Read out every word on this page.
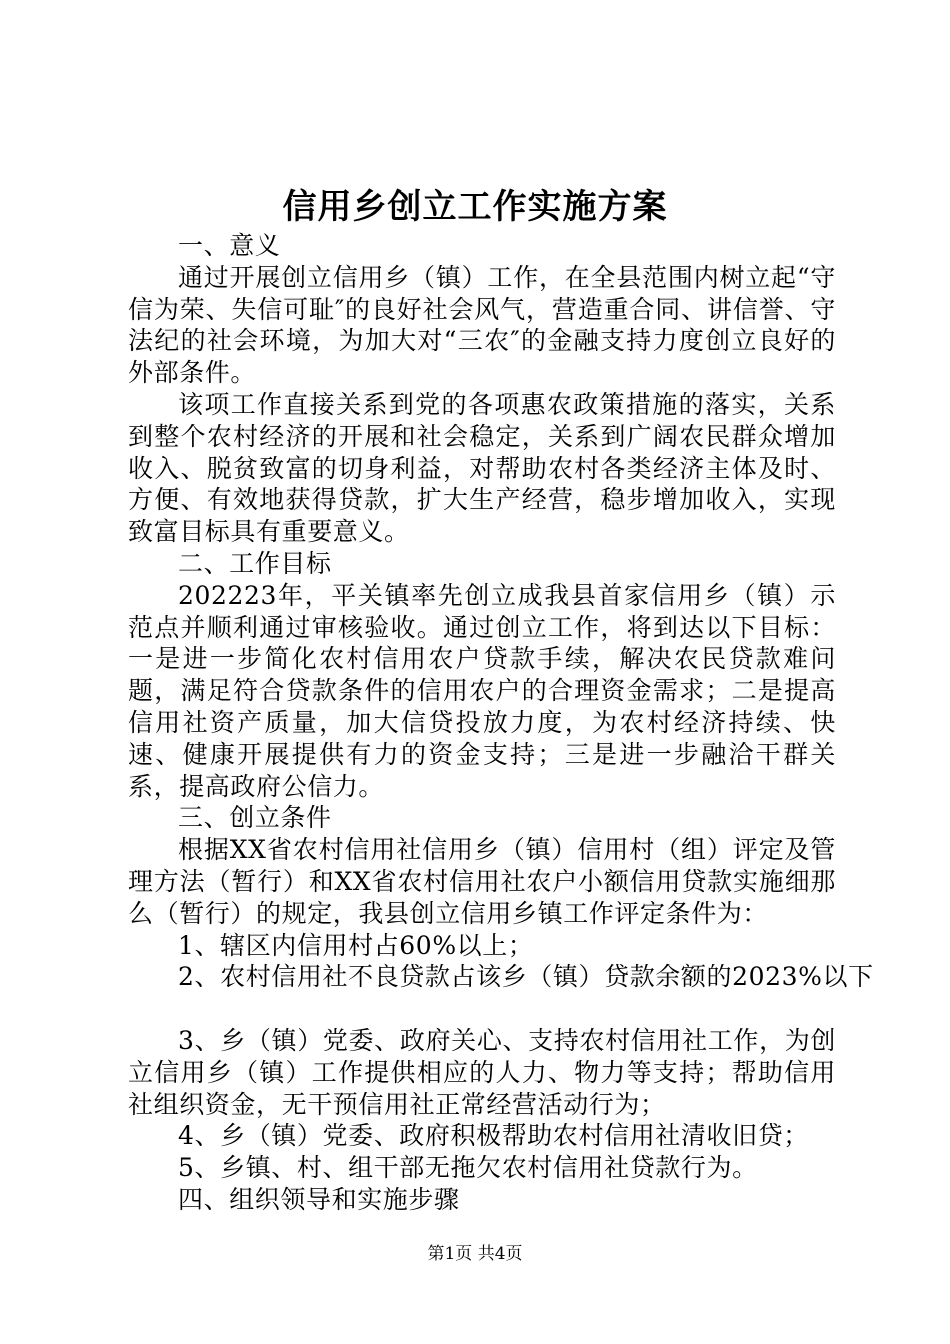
信用乡创立工作实施方案

一、意义

通过开展创立信用乡（镇）工作，在全县范围内树立起“守信为荣、失信可耻″的良好社会风气，营造重合同、讲信誉、守法纪的社会环境，为加大对“三农″的金融支持力度创立良好的外部条件。

该项工作直接关系到党的各项惠农政策措施的落实，关系到整个农村经济的开展和社会稳定，关系到广阔农民群众增加收入、脱贫致富的切身利益，对帮助农村各类经济主体及时、方便、有效地获得贷款，扩大生产经营，稳步增加收入，实现致富目标具有重要意义。

二、工作目标

202223年，平关镇率先创立成我县首家信用乡（镇）示范点并顺利通过审核验收。通过创立工作，将到达以下目标：一是进一步简化农村信用农户贷款手续，解决农民贷款难问题，满足符合贷款条件的信用农户的合理资金需求；二是提高信用社资产质量，加大信贷投放力度，为农村经济持续、快速、健康开展提供有力的资金支持；三是进一步融洽干群关系，提高政府公信力。

三、创立条件

根据XX省农村信用社信用乡（镇）信用村（组）评定及管理方法（暂行）和XX省农村信用社农户小额信用贷款实施细那么（暂行）的规定，我县创立信用乡镇工作评定条件为：

1、辖区内信用村占60%以上；

2、农村信用社不良贷款占该乡（镇）贷款余额的2023%以下

3、乡（镇）党委、政府关心、支持农村信用社工作，为创立信用乡（镇）工作提供相应的人力、物力等支持；帮助信用社组织资金，无干预信用社正常经营活动行为；

4、乡（镇）党委、政府积极帮助农村信用社清收旧贷；

5、乡镇、村、组干部无拖欠农村信用社贷款行为。

四、组织领导和实施步骤

第1页 共4页
